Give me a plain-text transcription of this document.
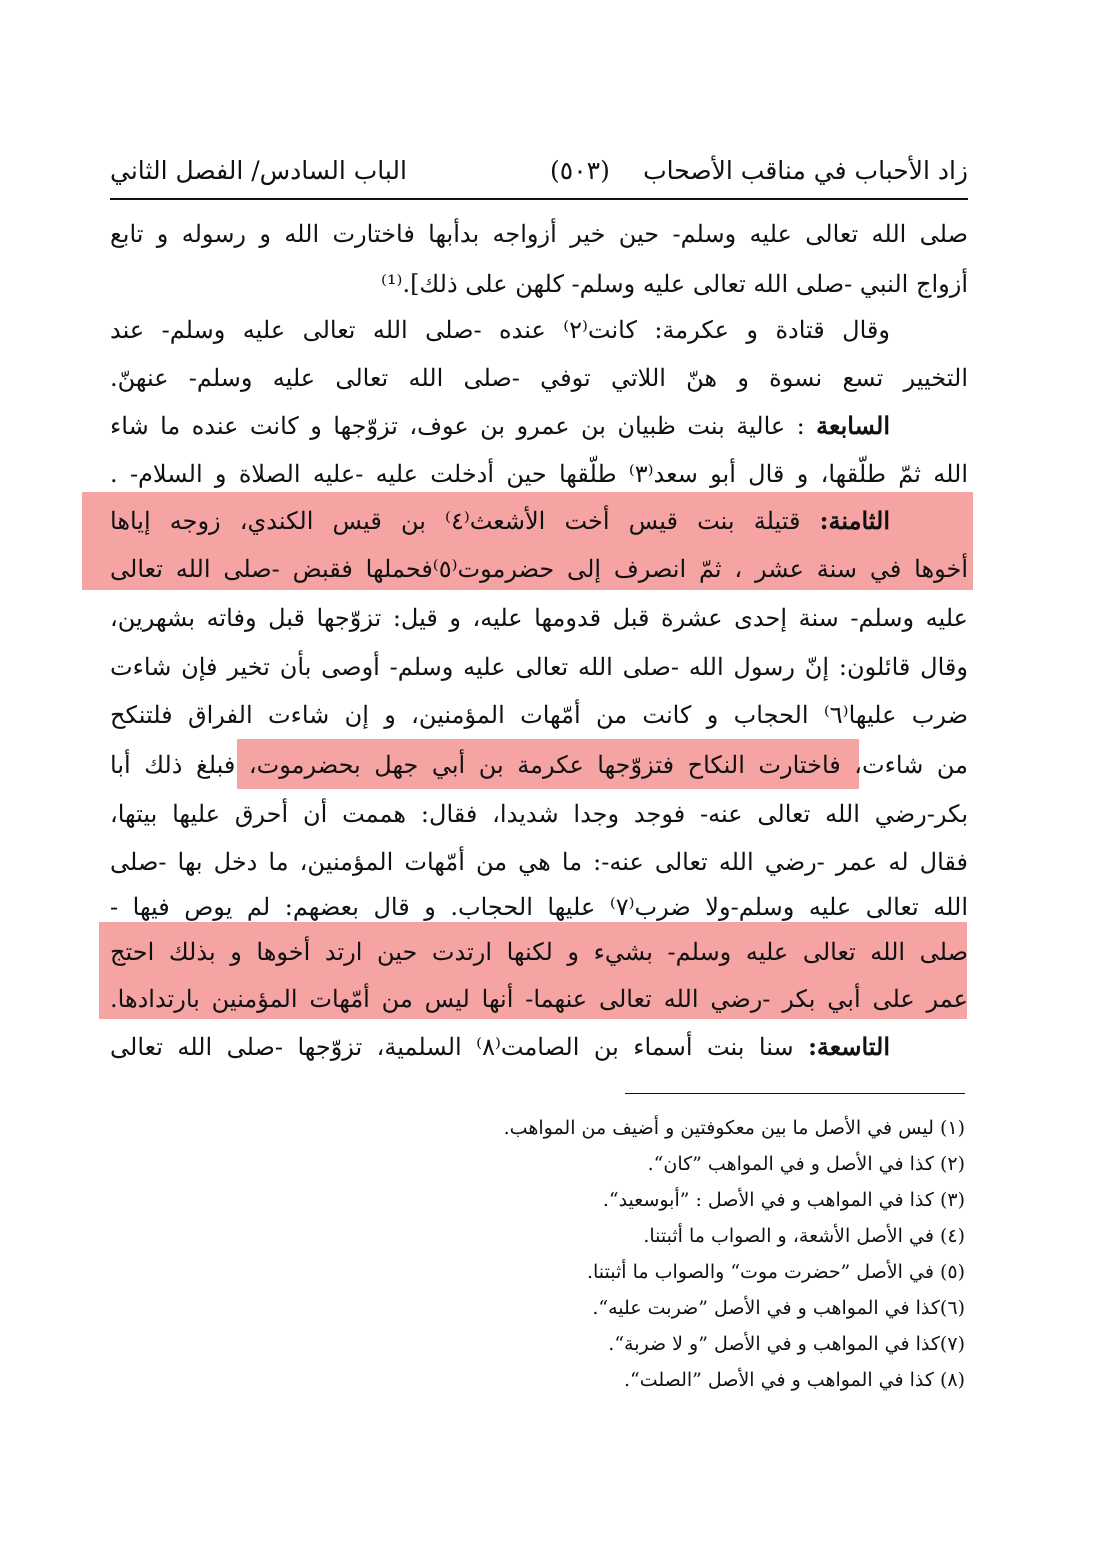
زاد الأحباب في مناقب الأصحاب
(٥٠٣)
الباب السادس/ الفصل الثاني
صلى الله تعالى عليه وسلم- حين خير أزواجه بدأبها فاختارت الله و رسوله و تابع
أزواج النبي -صلى الله تعالى عليه وسلم- كلهن على ذلك].⁽¹⁾
وقال قتادة و عكرمة: كانت⁽٢⁾ عنده -صلى الله تعالى عليه وسلم- عند
التخيير تسع نسوة و هنّ اللاتي توفي -صلى الله تعالى عليه وسلم- عنهنّ.
السابعة : عالية بنت ظبيان بن عمرو بن عوف، تزوّجها و كانت عنده ما شاء
الله ثمّ طلّقها، و قال أبو سعد⁽٣⁾ طلّقها حين أدخلت عليه -عليه الصلاة و السلام- .
الثامنة: قتيلة بنت قيس أخت الأشعث⁽٤⁾ بن قيس الكندي، زوجه إياها
أخوها في سنة عشر ، ثمّ انصرف إلى حضرموت⁽٥⁾فحملها فقبض -صلى الله تعالى
عليه وسلم- سنة إحدى عشرة قبل قدومها عليه، و قيل: تزوّجها قبل وفاته بشهرين،
وقال قائلون: إنّ رسول الله -صلى الله تعالى عليه وسلم- أوصى بأن تخير فإن شاءت
ضرب عليها⁽٦⁾ الحجاب و كانت من أمّهات المؤمنين، و إن شاءت الفراق فلتنكح
من شاءت، فاختارت النكاح فتزوّجها عكرمة بن أبي جهل بحضرموت، فبلغ ذلك أبا
بكر-رضي الله تعالى عنه- فوجد وجدا شديدا، فقال: هممت أن أحرق عليها بيتها،
فقال له عمر -رضي الله تعالى عنه-: ما هي من أمّهات المؤمنين، ما دخل بها -صلى
الله تعالى عليه وسلم-ولا ضرب⁽٧⁾ عليها الحجاب. و قال بعضهم: لم يوص فيها -
صلى الله تعالى عليه وسلم- بشيء و لكنها ارتدت حين ارتد أخوها و بذلك احتج
عمر على أبي بكر -رضي الله تعالى عنهما- أنها ليس من أمّهات المؤمنين بارتدادها.
التاسعة: سنا بنت أسماء بن الصامت⁽٨⁾ السلمية، تزوّجها -صلى الله تعالى
(١) ليس في الأصل ما بين معكوفتين و أضيف من المواهب.
(٢) كذا في الأصل و في المواهب ”كان“.
(٣) كذا في المواهب و في الأصل : ”أبوسعيد“.
(٤) في الأصل الأشعة، و الصواب ما أثبتنا.
(٥) في الأصل ”حضرت موت“ والصواب ما أثبتنا.
(٦)كذا في المواهب و في الأصل ”ضربت عليه“.
(٧)كذا في المواهب و في الأصل ”و لا ضربة“.
(٨) كذا في المواهب و في الأصل ”الصلت“.
